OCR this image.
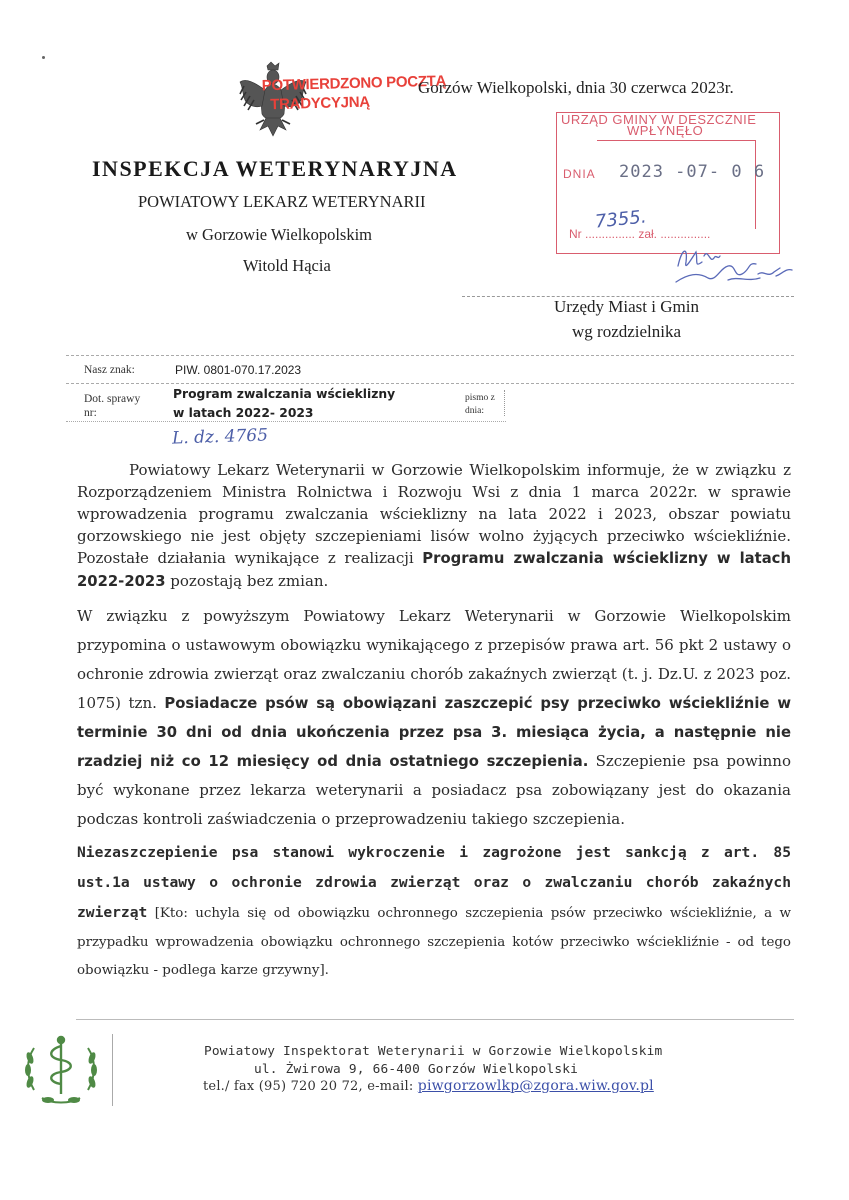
POTWIERDZONO POCZTĄ
TRADYCYJNĄ
Gorzów Wielkopolski, dnia 30 czerwca 2023r.
INSPEKCJA WETERYNARYJNA
POWIATOWY LEKARZ WETERYNARII
w Gorzowie Wielkopolskim
Witold Hącia
URZĄD GMINY W DESZCZNIE
WPŁYNĘŁO
DNIA 2023 -07- 0 6
Nr ............... zał. ...............
7355.
Urzędy Miast i Gmin
wg rozdzielnika
Nasz znak:	PIW. 0801-070.17.2023
Dot. sprawy
nr:
Program zwalczania wścieklizny
w latach 2022- 2023
pismo z
dnia:
L. dz. 4765

Powiatowy Lekarz Weterynarii w Gorzowie Wielkopolskim informuje, że w związku z Rozporządzeniem Ministra Rolnictwa i Rozwoju Wsi z dnia 1 marca 2022r. w sprawie wprowadzenia programu zwalczania wścieklizny na lata 2022 i 2023, obszar powiatu gorzowskiego nie jest objęty szczepieniami lisów wolno żyjących przeciwko wściekliźnie. Pozostałe działania wynikające z realizacji Programu zwalczania wścieklizny w latach 2022-2023 pozostają bez zmian.

W związku z powyższym Powiatowy Lekarz Weterynarii w Gorzowie Wielkopolskim przypomina o ustawowym obowiązku wynikającego z przepisów prawa art. 56 pkt 2 ustawy o ochronie zdrowia zwierząt oraz zwalczaniu chorób zakaźnych zwierząt (t. j. Dz.U. z 2023 poz. 1075) tzn. Posiadacze psów są obowiązani zaszczepić psy przeciwko wściekliźnie w terminie 30 dni od dnia ukończenia przez psa 3. miesiąca życia, a następnie nie rzadziej niż co 12 miesięcy od dnia ostatniego szczepienia. Szczepienie psa powinno być wykonane przez lekarza weterynarii a posiadacz psa zobowiązany jest do okazania podczas kontroli zaświadczenia o przeprowadzeniu takiego szczepienia.

Niezaszczepienie psa stanowi wykroczenie i zagrożone jest sankcją z art. 85 ust.1a ustawy o ochronie zdrowia zwierząt oraz o zwalczaniu chorób zakaźnych zwierząt [Kto: uchyla się od obowiązku ochronnego szczepienia psów przeciwko wściekliźnie, a w przypadku wprowadzenia obowiązku ochronnego szczepienia kotów przeciwko wściekliźnie - od tego obowiązku - podlega karze grzywny].

Powiatowy Inspektorat Weterynarii w Gorzowie Wielkopolskim
ul. Żwirowa 9, 66-400 Gorzów Wielkopolski
tel./ fax (95) 720 20 72, e-mail: piwgorzowlkp@zgora.wiw.gov.pl
